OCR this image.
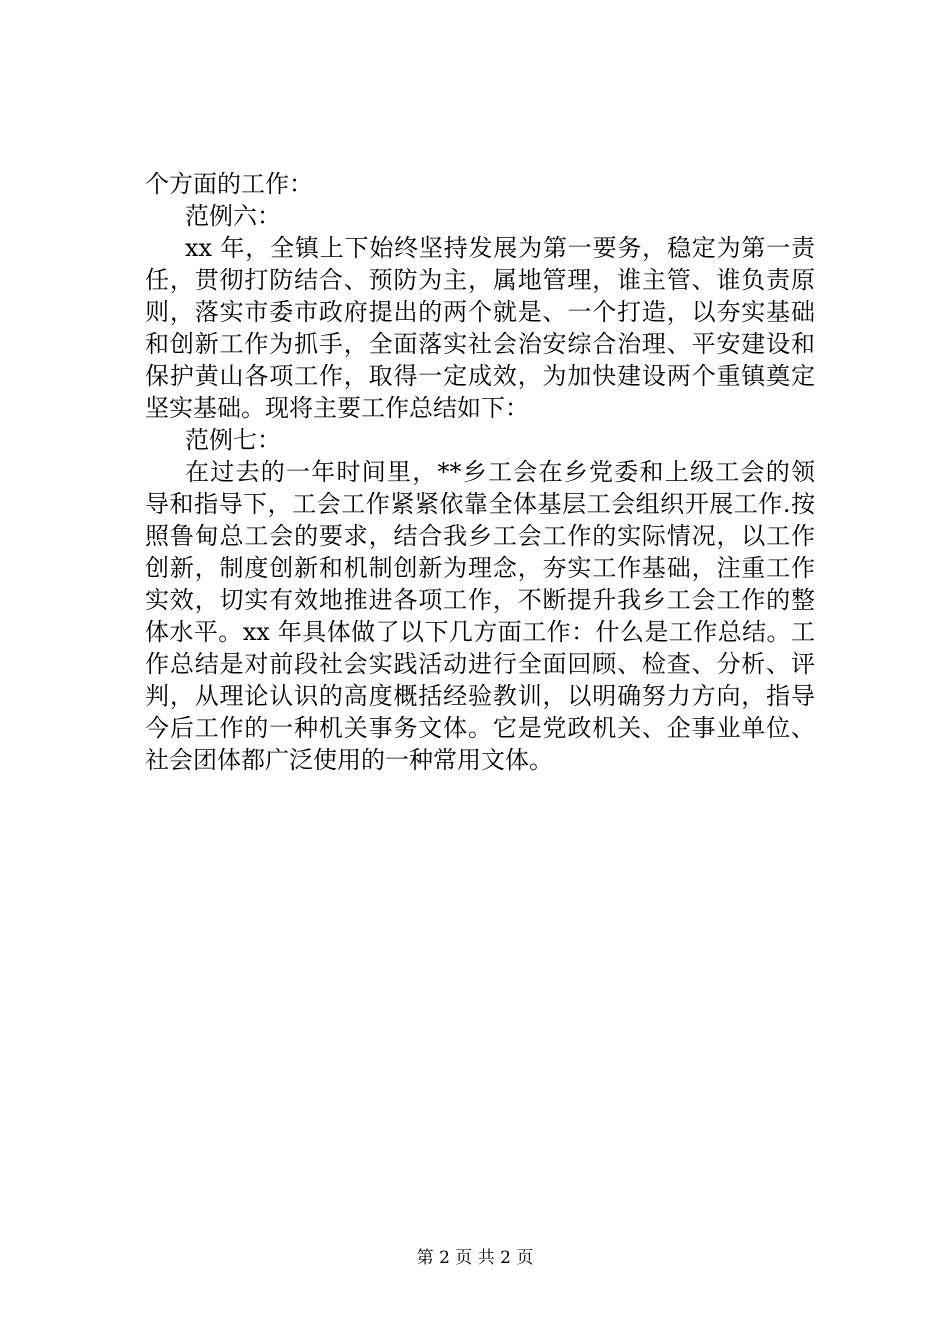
个方面的工作：

范例六：

xx 年，全镇上下始终坚持发展为第一要务，稳定为第一责

任，贯彻打防结合、预防为主，属地管理，谁主管、谁负责原

则，落实市委市政府提出的两个就是、一个打造，以夯实基础

和创新工作为抓手，全面落实社会治安综合治理、平安建设和

保护黄山各项工作，取得一定成效，为加快建设两个重镇奠定

坚实基础。现将主要工作总结如下：

范例七：

在过去的一年时间里，**乡工会在乡党委和上级工会的领

导和指导下，工会工作紧紧依靠全体基层工会组织开展工作.按

照鲁甸总工会的要求，结合我乡工会工作的实际情况，以工作

创新，制度创新和机制创新为理念，夯实工作基础，注重工作

实效，切实有效地推进各项工作，不断提升我乡工会工作的整

体水平。xx 年具体做了以下几方面工作：什么是工作总结。工

作总结是对前段社会实践活动进行全面回顾、检查、分析、评

判，从理论认识的高度概括经验教训，以明确努力方向，指导

今后工作的一种机关事务文体。它是党政机关、企事业单位、

社会团体都广泛使用的一种常用文体。

第 2 页 共 2 页
